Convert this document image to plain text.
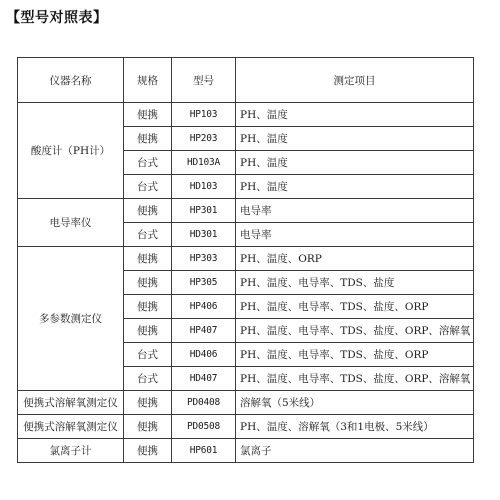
【型号对照表】
仪器名称	规格	型号	测定项目
酸度计（PH计）	便携	HP103	PH、温度
	便携	HP203	PH、温度
	台式	HD103A	PH、温度
	台式	HD103	PH、温度
电导率仪	便携	HP301	电导率
	台式	HD301	电导率
多参数测定仪	便携	HP303	PH、温度、ORP
	便携	HP305	PH、温度、电导率、TDS、盐度
	便携	HP406	PH、温度、电导率、TDS、盐度、ORP
	便携	HP407	PH、温度、电导率、TDS、盐度、ORP、溶解氧
	台式	HD406	PH、温度、电导率、TDS、盐度、ORP
	台式	HD407	PH、温度、电导率、TDS、盐度、ORP、溶解氧
便携式溶解氧测定仪	便携	PD0408	溶解氧（5米线）
便携式溶解氧测定仪	便携	PD0508	PH、温度、溶解氧（3和1电极、5米线）
氯离子计	便携	HP601	氯离子
